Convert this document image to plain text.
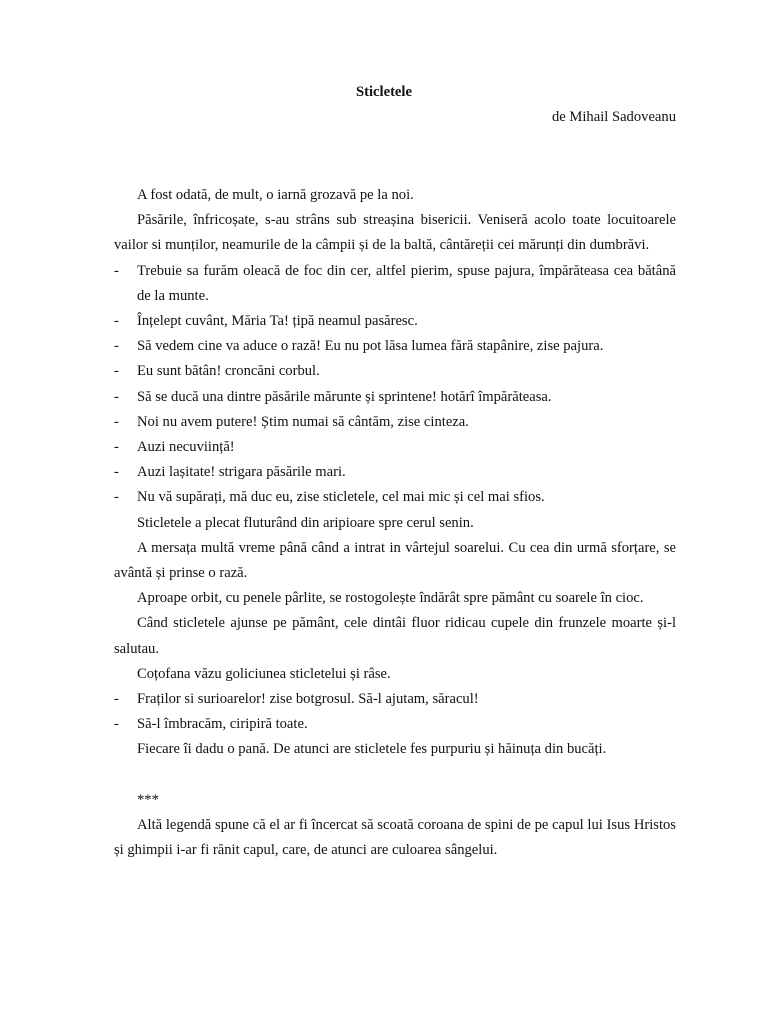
Sticletele
de Mihail Sadoveanu

A fost odată, de mult, o iarnă grozavă pe la noi.

Păsările, înfricoșate, s-au strâns sub streașina bisericii. Veniseră acolo toate locuitoarele vailor si munților, neamurile de la câmpii și de la baltă, cântăreții cei mărunți din dumbrăvi.

- Trebuie sa furăm oleacă de foc din cer, altfel pierim, spuse pajura, împărăteasa cea bătână de la munte.
- Înțelept cuvânt, Măria Ta! țipă neamul pasăresc.
- Să vedem cine va aduce o rază! Eu nu pot lăsa lumea fără stapânire, zise pajura.
- Eu sunt bătân! croncăni corbul.
- Să se ducă una dintre păsările mărunte și sprintene! hotărî împărăteasa.
- Noi nu avem putere! Știm numai să cântăm, zise cinteza.
- Auzi necuviință!
- Auzi lașitate! strigara păsările mari.
- Nu vă supărați, mă duc eu, zise sticletele, cel mai mic și cel mai sfios.

Sticletele a plecat fluturând din aripioare spre cerul senin.

A mersața multă vreme până când a intrat in vârtejul soarelui. Cu cea din urmă sforțare, se avântă și prinse o rază.

Aproape orbit, cu penele pârlite, se rostogolește îndărât spre pământ cu soarele în cioc.

Când sticletele ajunse pe pământ, cele dintâi fluor ridicau cupele din frunzele moarte și-l salutau.

Coțofana văzu goliciunea sticletelui și râse.

- Fraților si surioarelor! zise botgrosul. Să-l ajutam, săracul!
- Să-l îmbracăm, ciripiră toate.

Fiecare îi dadu o pană. De atunci are sticletele fes purpuriu și hăinuța din bucăți.

***

Altă legendă spune că el ar fi încercat să scoată coroana de spini de pe capul lui Isus Hristos și ghimpii i-ar fi rănit capul, care, de atunci are culoarea sângelui.
